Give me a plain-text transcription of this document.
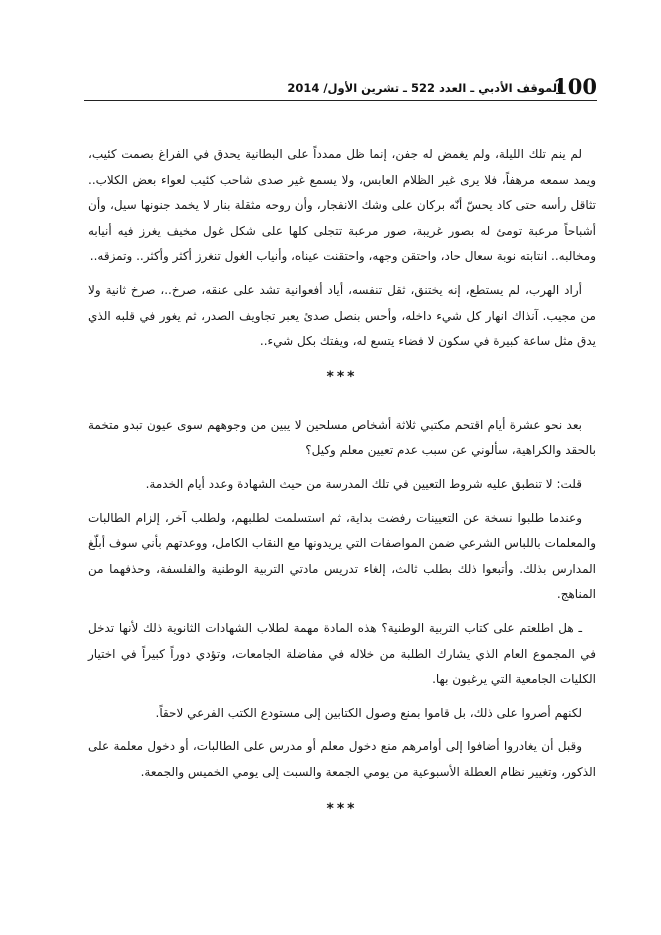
100
الموقف الأدبي ـ العدد 522 ـ تشرين الأول/ 2014

لم ينم تلك الليلة، ولم يغمض له جفن، إنما ظل ممدداً على البطانية يحدق في الفراغ بصمت كئيب، ويمد سمعه مرهفاً، فلا يرى غير الظلام العابس، ولا يسمع غير صدى شاحب كئيب لعواء بعض الكلاب.. تثاقل رأسه حتى كاد يحسّ أنّه بركان على وشك الانفجار، وأن روحه مثقلة بنار لا يخمد جنونها سيل، وأن أشباحاً مرعبة تومئ له بصور غريبة، صور مرعبة تتجلى كلها على شكل غول مخيف يغرز فيه أنيابه ومخالبه.. انتابته نوبة سعال حاد، واحتقن وجهه، واحتقنت عيناه، وأنياب الغول تنغرز أكثر وأكثر.. وتمزقه..

أراد الهرب، لم يستطع، إنه يختنق، ثقل تنفسه، أياد أفعوانية تشد على عنقه، صرخ..، صرخ ثانية ولا من مجيب. آنذاك انهار كل شيء داخله، وأحس بنصل صدئ يعبر تجاويف الصدر، ثم يغور في قلبه الذي يدق مثل ساعة كبيرة في سكون لا فضاء يتسع له، ويفتك بكل شيء..

***

بعد نحو عشرة أيام اقتحم مكتبي ثلاثة أشخاص مسلحين لا يبين من وجوههم سوى عيون تبدو متخمة بالحقد والكراهية، سألوني عن سبب عدم تعيين معلم وكيل؟

قلت: لا تنطبق عليه شروط التعيين في تلك المدرسة من حيث الشهادة وعدد أيام الخدمة.

وعندما طلبوا نسخة عن التعيينات رفضت بداية، ثم استسلمت لطلبهم، ولطلب آخر، إلزام الطالبات والمعلمات باللباس الشرعي ضمن المواصفات التي يريدونها مع النقاب الكامل، ووعدتهم بأني سوف أبلّغ المدارس بذلك. وأتبعوا ذلك بطلب ثالث، إلغاء تدريس مادتي التربية الوطنية والفلسفة، وحذفهما من المناهج.

ـ هل اطلعتم على كتاب التربية الوطنية؟ هذه المادة مهمة لطلاب الشهادات الثانوية ذلك لأنها تدخل في المجموع العام الذي يشارك الطلبة من خلاله في مفاضلة الجامعات، وتؤدي دوراً كبيراً في اختيار الكليات الجامعية التي يرغبون بها.

لكنهم أصروا على ذلك، بل قاموا بمنع وصول الكتابين إلى مستودع الكتب الفرعي لاحقاً.

وقبل أن يغادروا أضافوا إلى أوامرهم منع دخول معلم أو مدرس على الطالبات، أو دخول معلمة على الذكور، وتغيير نظام العطلة الأسبوعية من يومي الجمعة والسبت إلى يومي الخميس والجمعة.

***
